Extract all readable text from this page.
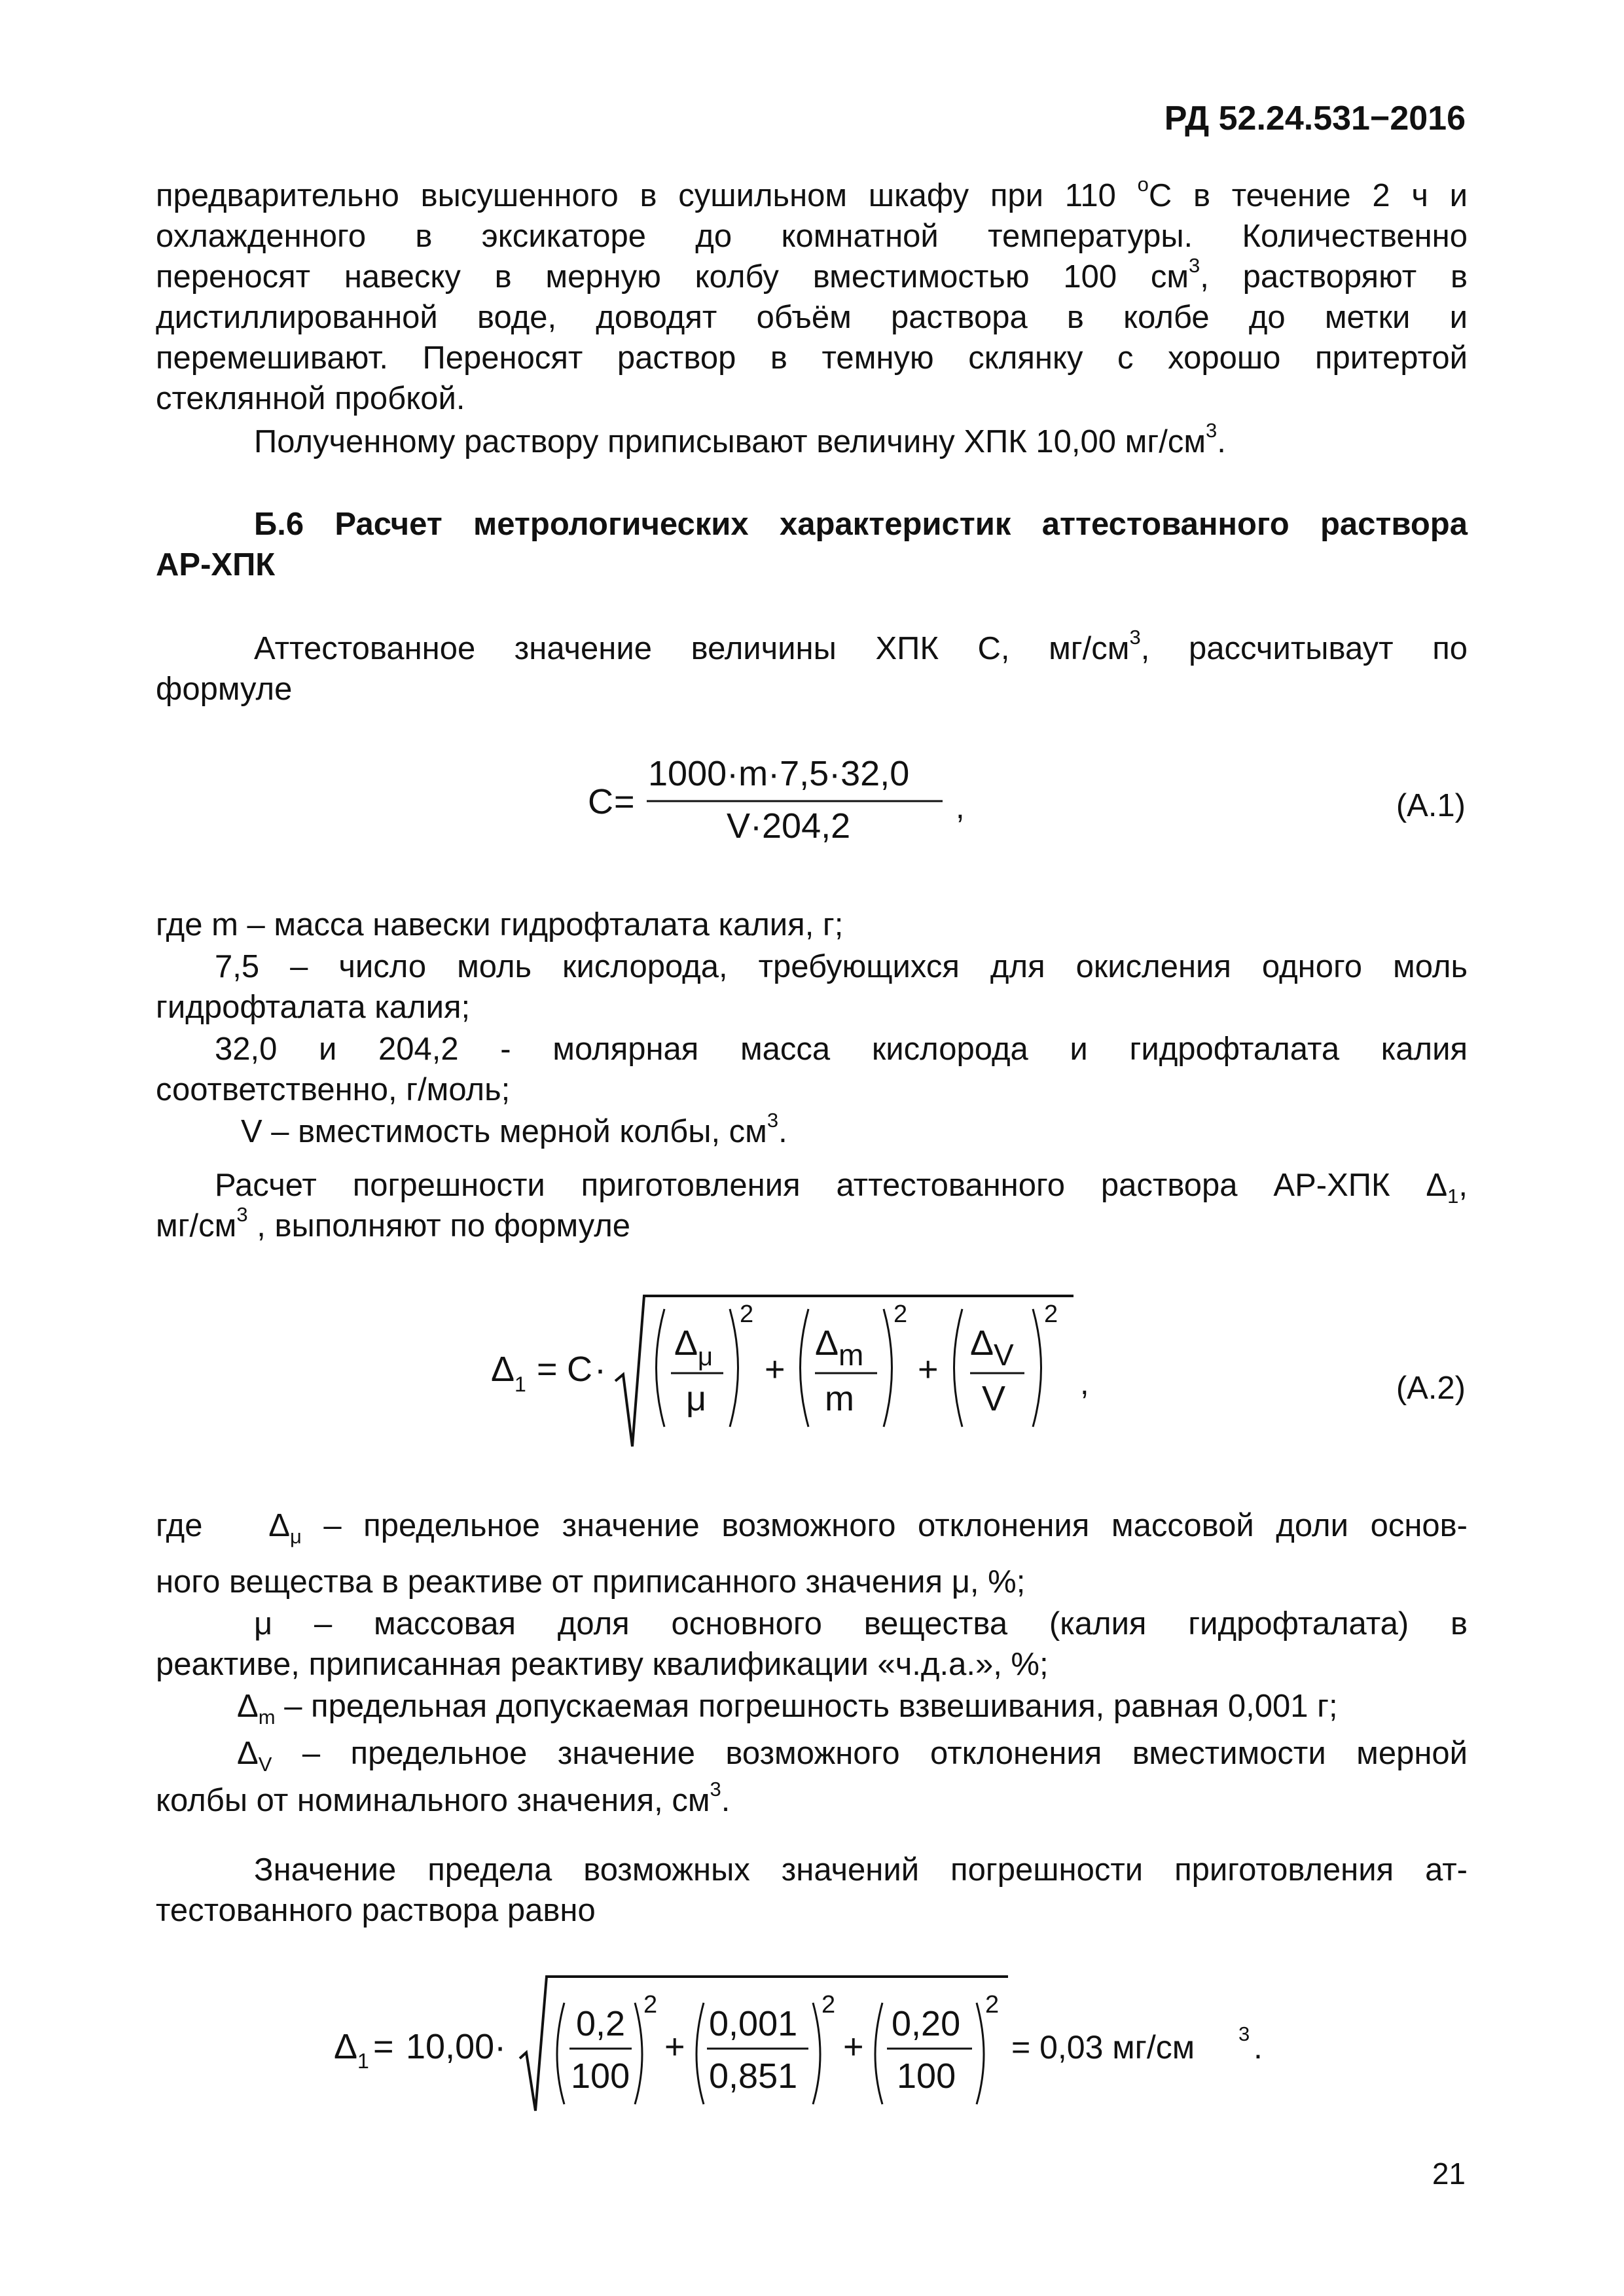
РД 52.24.531−2016
предварительно высушенного в сушильном шкафу при 110 $^o$С в течение 2 ч и
охлажденного в эксикаторе до комнатной температуры. Количественно
переносят навеску в мерную колбу вместимостью 100 $см^3$, растворяют в
дистиллированной воде, доводят объём раствора в колбе до метки и
перемешивают. Переносят раствор в темную склянку с хорошо притертой
стеклянной пробкой.
Полученному раствору приписывают величину ХПК 10,00 $мг/см^3$.
Б.6 Расчет метрологических характеристик аттестованного раствора
АР-ХПК
Аттестованное значение величины ХПК С, $мг/см^3$, рассчитываут по
формуле
C =
1000·m·7,5·32,0
V·204,2	,	(А.1)
где m – масса навески гидрофталата калия, г;
7,5 – число моль кислорода, требующихся для окисления одного моль
гидрофталата калия;
32,0 и 204,2 - молярная масса кислорода и гидрофталата калия
соответственно, г/моль;
V – вместимость мерной колбы, $см^3$.
Расчет погрешности приготовления аттестованного раствора АР-ХПК $\Delta_1$,
$мг/см^3$ , выполняют по формуле
Δ 1 = C ·
Δ μ
μ
2
+
Δ m
m
2
+
Δ V
V
2
,	(А.2)
где $\Delta_\mu$ – предельное значение возможного отклонения массовой доли основ-
ного вещества в реактиве от приписанного значения μ, %;
μ – массовая доля основного вещества (калия гидрофталата) в
реактиве, приписанная реактиву квалификации «ч.д.а.», %;
$\Delta_m$ – предельная допускаемая погрешность взвешивания, равная 0,001 г;
$\Delta_V$ – предельное значение возможного отклонения вместимости мерной
колбы от номинального значения, $см^3$.
Значение предела возможных значений погрешности приготовления ат-
тестованного раствора равно
Δ 1 = 10,00·
0,2
100
2
+
0,001
0,851
2
+
0,20
100
2
= 0,03 мг/см 3 .
21
